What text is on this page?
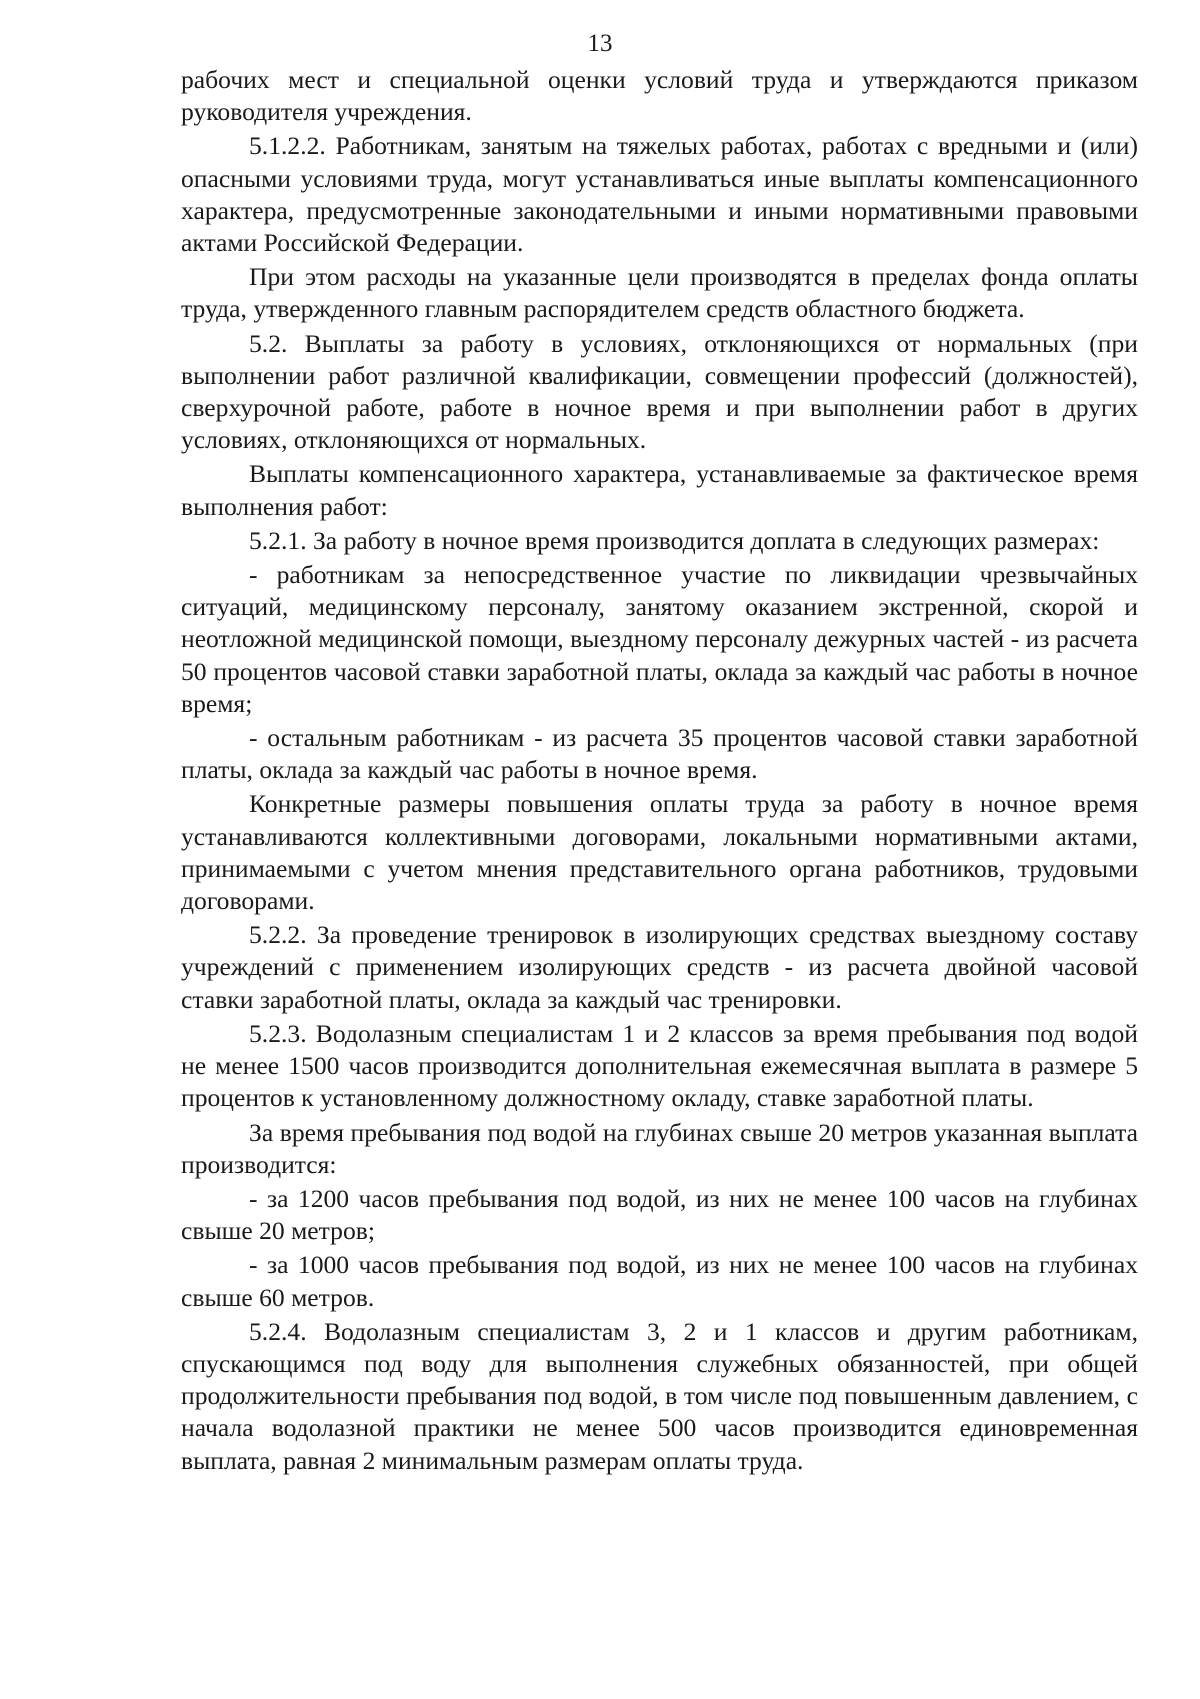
13

рабочих мест и специальной оценки условий труда и утверждаются приказом руководителя учреждения.

5.1.2.2. Работникам, занятым на тяжелых работах, работах с вредными и (или) опасными условиями труда, могут устанавливаться иные выплаты компенсационного характера, предусмотренные законодательными и иными нормативными правовыми актами Российской Федерации.

При этом расходы на указанные цели производятся в пределах фонда оплаты труда, утвержденного главным распорядителем средств областного бюджета.

5.2. Выплаты за работу в условиях, отклоняющихся от нормальных (при выполнении работ различной квалификации, совмещении профессий (должностей), сверхурочной работе, работе в ночное время и при выполнении работ в других условиях, отклоняющихся от нормальных.

Выплаты компенсационного характера, устанавливаемые за фактическое время выполнения работ:

5.2.1. За работу в ночное время производится доплата в следующих размерах:

- работникам за непосредственное участие по ликвидации чрезвычайных ситуаций, медицинскому персоналу, занятому оказанием экстренной, скорой и неотложной медицинской помощи, выездному персоналу дежурных частей - из расчета 50 процентов часовой ставки заработной платы, оклада за каждый час работы в ночное время;

- остальным работникам - из расчета 35 процентов часовой ставки заработной платы, оклада за каждый час работы в ночное время.

Конкретные размеры повышения оплаты труда за работу в ночное время устанавливаются коллективными договорами, локальными нормативными актами, принимаемыми с учетом мнения представительного органа работников, трудовыми договорами.

5.2.2. За проведение тренировок в изолирующих средствах выездному составу учреждений с применением изолирующих средств - из расчета двойной часовой ставки заработной платы, оклада за каждый час тренировки.

5.2.3. Водолазным специалистам 1 и 2 классов за время пребывания под водой не менее 1500 часов производится дополнительная ежемесячная выплата в размере 5 процентов к установленному должностному окладу, ставке заработной платы.

За время пребывания под водой на глубинах свыше 20 метров указанная выплата производится:

- за 1200 часов пребывания под водой, из них не менее 100 часов на глубинах свыше 20 метров;

- за 1000 часов пребывания под водой, из них не менее 100 часов на глубинах свыше 60 метров.

5.2.4. Водолазным специалистам 3, 2 и 1 классов и другим работникам, спускающимся под воду для выполнения служебных обязанностей, при общей продолжительности пребывания под водой, в том числе под повышенным давлением, с начала водолазной практики не менее 500 часов производится единовременная выплата, равная 2 минимальным размерам оплаты труда.
